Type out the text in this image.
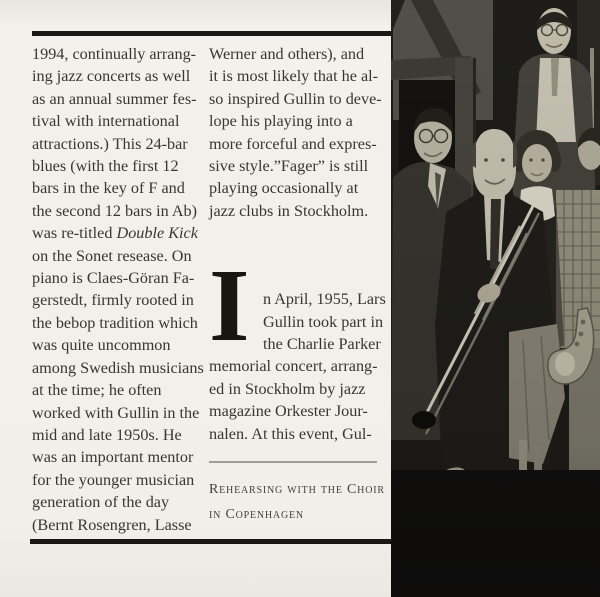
1994, continually arrang-
ing jazz concerts as well
as an annual summer fes-
tival with international
attractions.) This 24-bar
blues (with the first 12
bars in the key of F and
the second 12 bars in Ab)
was re-titled Double Kick
on the Sonet resease. On
piano is Claes-Göran Fa-
gerstedt, firmly rooted in
the bebop tradition which
was quite uncommon
among Swedish musicians
at the time; he often
worked with Gullin in the
mid and late 1950s. He
was an important mentor
for the younger musician
generation of the day
(Bernt Rosengren, Lasse
Werner and others), and
it is most likely that he al-
so inspired Gullin to deve-
lope his playing into a
more forceful and expres-
sive style.”Fager” is still
playing occasionally at
jazz clubs in Stockholm.
I n April, 1955, Lars
Gullin took part in
the Charlie Parker
memorial concert, arrang-
ed in Stockholm by jazz
magazine Orkester Jour-
nalen. At this event, Gul-
Rehearsing with the Choir
in Copenhagen
